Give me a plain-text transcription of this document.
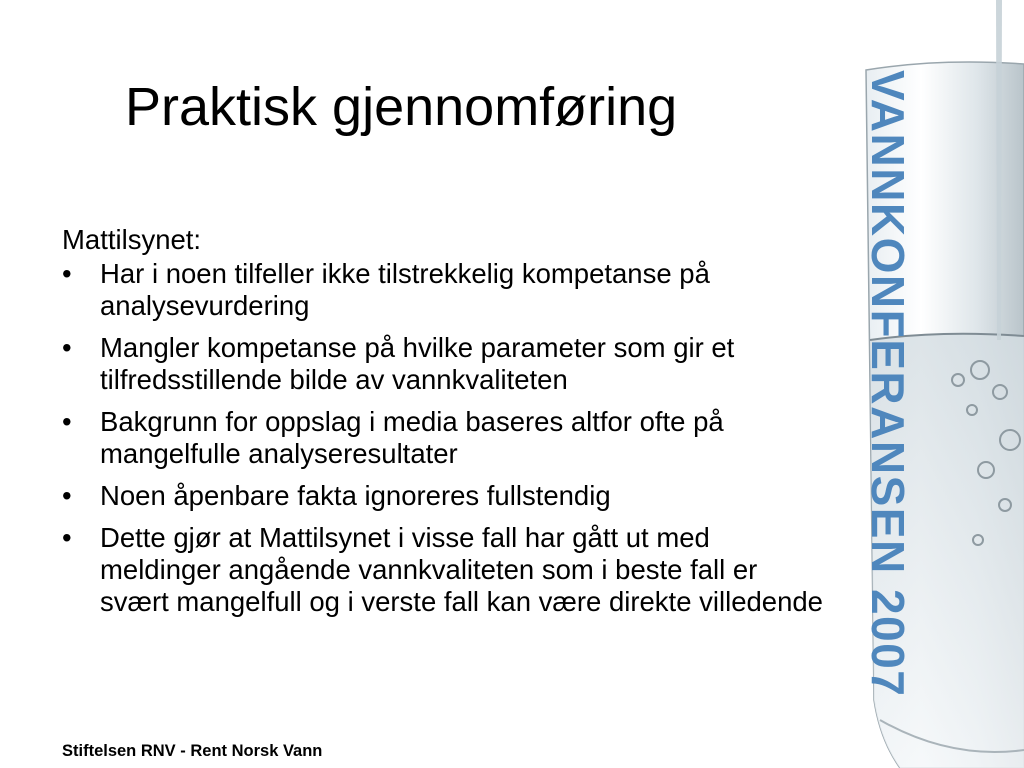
VANNKONFERANSEN 2007
Praktisk gjennomføring
Mattilsynet:
• Har i noen tilfeller ikke tilstrekkelig kompetanse på analysevurdering
• Mangler kompetanse på hvilke parameter som gir et tilfredsstillende bilde av vannkvaliteten
• Bakgrunn for oppslag i media baseres altfor ofte på mangelfulle analyseresultater
• Noen åpenbare fakta ignoreres fullstendig
• Dette gjør at Mattilsynet i visse fall har gått ut med meldinger angående vannkvaliteten som i beste fall er svært mangelfull og i verste fall kan være direkte villedende
Stiftelsen RNV - Rent Norsk Vann
